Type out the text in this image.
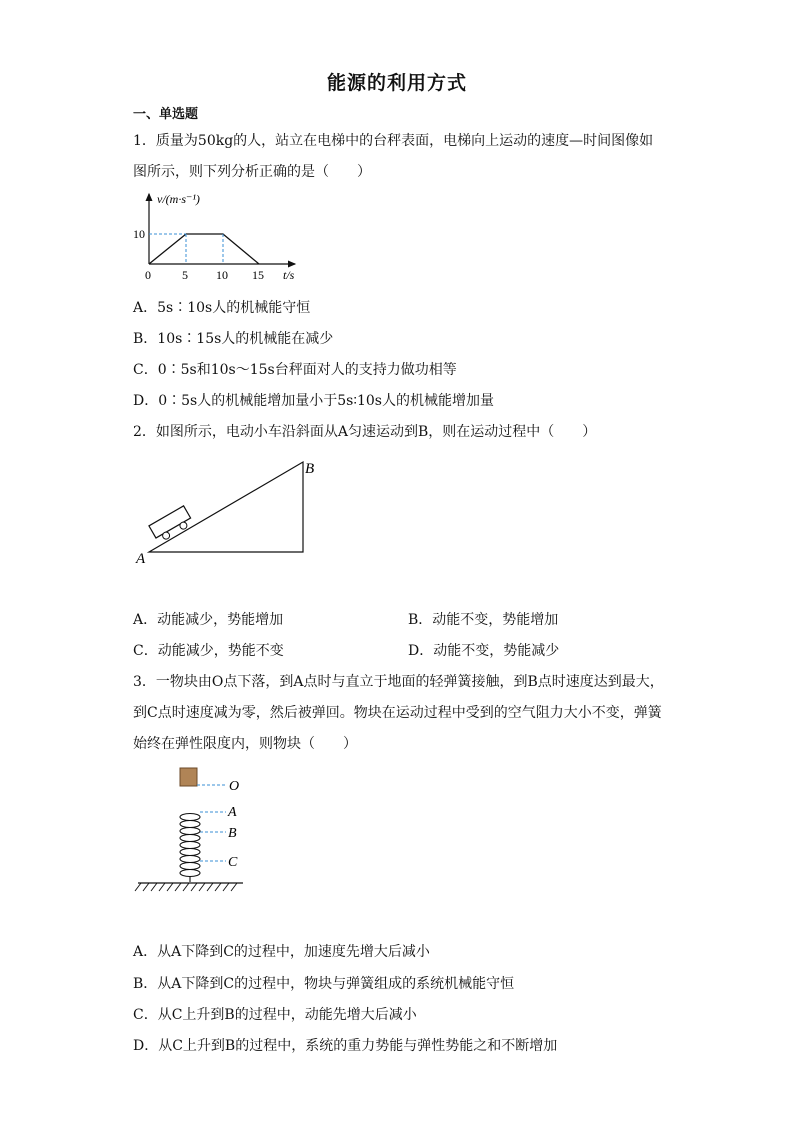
能源的利用方式
一、单选题
1．质量为50kg的人，站立在电梯中的台秤表面，电梯向上运动的速度—时间图像如
图所示，则下列分析正确的是（　　）
v/(m·s⁻¹)
10
0	5 10 15 t/s
A．5s∶10s人的机械能守恒
B．10s∶15s人的机械能在减少
C．0∶5s和10s～15s台秤面对人的支持力做功相等
D．0∶5s人的机械能增加量小于5s∶10s人的机械能增加量
2．如图所示，电动小车沿斜面从A匀速运动到B，则在运动过程中（　　）
A
B
A．动能减少，势能增加	B．动能不变，势能增加
C．动能减少，势能不变	D．动能不变，势能减少
3．一物块由O点下落，到A点时与直立于地面的轻弹簧接触，到B点时速度达到最大，
到C点时速度减为零，然后被弹回。物块在运动过程中受到的空气阻力大小不变，弹簧
始终在弹性限度内，则物块（　　）
O
A
B
C
A．从A下降到C的过程中，加速度先增大后减小
B．从A下降到C的过程中，物块与弹簧组成的系统机械能守恒
C．从C上升到B的过程中，动能先增大后减小
D．从C上升到B的过程中，系统的重力势能与弹性势能之和不断增加
